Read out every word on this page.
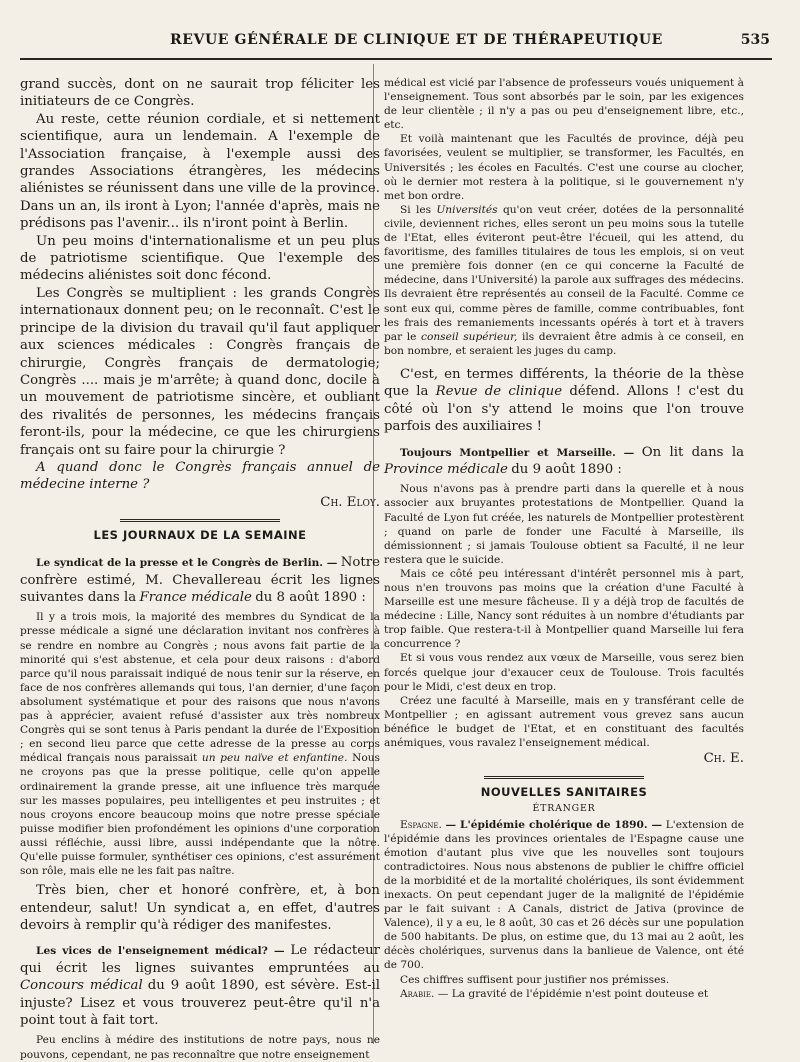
REVUE GÉNÉRALE DE CLINIQUE ET DE THÉRAPEUTIQUE	535

grand succès, dont on ne saurait trop féliciter les initiateurs de ce Congrès.

Au reste, cette réunion cordiale, et si nettement scientifique, aura un lendemain. A l'exemple de l'Association française, à l'exemple aussi des grandes Associations étrangères, les médecins aliénistes se réunissent dans une ville de la province. Dans un an, ils iront à Lyon; l'année d'après, mais ne prédisons pas l'avenir... ils n'iront point à Berlin.

Un peu moins d'internationalisme et un peu plus de patriotisme scientifique. Que l'exemple des médecins aliénistes soit donc fécond.

Les Congrès se multiplient : les grands Congrès internationaux donnent peu; on le reconnaît. C'est le principe de la division du travail qu'il faut appliquer aux sciences médicales : Congrès français de chirurgie, Congrès français de dermatologie; Congrès .... mais je m'arrête; à quand donc, docile à un mouvement de patriotisme sincère, et oubliant des rivalités de personnes, les médecins français feront-ils, pour la médecine, ce que les chirurgiens français ont su faire pour la chirurgie ?

A quand donc le Congrès français annuel de médecine interne ?

Ch. Eloy.

LES JOURNAUX DE LA SEMAINE

Le syndicat de la presse et le Congrès de Berlin. — Notre confrère estimé, M. Chevallereau écrit les lignes suivantes dans la France médicale du 8 août 1890 :

Il y a trois mois, la majorité des membres du Syndicat de la presse médicale a signé une déclaration invitant nos confrères à se rendre en nombre au Congrès ; nous avons fait partie de la minorité qui s'est abstenue, et cela pour deux raisons : d'abord parce qu'il nous paraissait indiqué de nous tenir sur la réserve, en face de nos confrères allemands qui tous, l'an dernier, d'une façon absolument systématique et pour des raisons que nous n'avons pas à apprécier, avaient refusé d'assister aux très nombreux Congrès qui se sont tenus à Paris pendant la durée de l'Exposition ; en second lieu parce que cette adresse de la presse au corps médical français nous paraissait un peu naïve et enfantine. Nous ne croyons pas que la presse politique, celle qu'on appelle ordinairement la grande presse, ait une influence très marquée sur les masses populaires, peu intelligentes et peu instruites ; et nous croyons encore beaucoup moins que notre presse spéciale puisse modifier bien profondément les opinions d'une corporation aussi réfléchie, aussi libre, aussi indépendante que la nôtre. Qu'elle puisse formuler, synthétiser ces opinions, c'est assurément son rôle, mais elle ne les fait pas naître.

Très bien, cher et honoré confrère, et, à bon entendeur, salut! Un syndicat a, en effet, d'autres devoirs à remplir qu'à rédiger des manifestes.

Les vices de l'enseignement médical? — Le rédacteur qui écrit les lignes suivantes empruntées au Concours médical du 9 août 1890, est sévère. Est-il injuste? Lisez et vous trouverez peut-être qu'il n'a point tout à fait tort.

Peu enclins à médire des institutions de notre pays, nous ne pouvons, cependant, ne pas reconnaître que notre enseignement

médical est vicié par l'absence de professeurs voués uniquement à l'enseignement. Tous sont absorbés par le soin, par les exigences de leur clientèle ; il n'y a pas ou peu d'enseignement libre, etc., etc.

Et voilà maintenant que les Facultés de province, déjà peu favorisées, veulent se multiplier, se transformer, les Facultés, en Universités ; les écoles en Facultés. C'est une course au clocher, où le dernier mot restera à la politique, si le gouvernement n'y met bon ordre.

Si les Universités qu'on veut créer, dotées de la personnalité civile, deviennent riches, elles seront un peu moins sous la tutelle de l'Etat, elles éviteront peut-être l'écueil, qui les attend, du favoritisme, des familles titulaires de tous les emplois, si on veut une première fois donner (en ce qui concerne la Faculté de médecine, dans l'Université) la parole aux suffrages des médecins. Ils devraient être représentés au conseil de la Faculté. Comme ce sont eux qui, comme pères de famille, comme contribuables, font les frais des remaniements incessants opérés à tort et à travers par le conseil supérieur, ils devraient être admis à ce conseil, en bon nombre, et seraient les juges du camp.

C'est, en termes différents, la théorie de la thèse que la Revue de clinique défend. Allons ! c'est du côté où l'on s'y attend le moins que l'on trouve parfois des auxiliaires !

Toujours Montpellier et Marseille. — On lit dans la Province médicale du 9 août 1890 :

Nous n'avons pas à prendre parti dans la querelle et à nous associer aux bruyantes protestations de Montpellier. Quand la Faculté de Lyon fut créée, les naturels de Montpellier protestèrent ; quand on parle de fonder une Faculté à Marseille, ils démissionnent ; si jamais Toulouse obtient sa Faculté, il ne leur restera que le suicide.

Mais ce côté peu intéressant d'intérêt personnel mis à part, nous n'en trouvons pas moins que la création d'une Faculté à Marseille est une mesure fâcheuse. Il y a déjà trop de facultés de médecine : Lille, Nancy sont réduites à un nombre d'étudiants par trop faible. Que restera-t-il à Montpellier quand Marseille lui fera concurrence ?

Et si vous vous rendez aux vœux de Marseille, vous serez bien forcés quelque jour d'exaucer ceux de Toulouse. Trois facultés pour le Midi, c'est deux en trop.

Créez une faculté à Marseille, mais en y transférant celle de Montpellier ; en agissant autrement vous grevez sans aucun bénéfice le budget de l'Etat, et en constituant des facultés anémiques, vous ravalez l'enseignement médical.

Ch. E.

NOUVELLES SANITAIRES
ÉTRANGER

Espagne. — L'épidémie cholérique de 1890. — L'extension de l'épidémie dans les provinces orientales de l'Espagne cause une émotion d'autant plus vive que les nouvelles sont toujours contradictoires. Nous nous abstenons de publier le chiffre officiel de la morbidité et de la mortalité cholériques, ils sont évidemment inexacts. On peut cependant juger de la malignité de l'épidémie par le fait suivant : A Canals, district de Jativa (province de Valence), il y a eu, le 8 août, 30 cas et 26 décès sur une population de 500 habitants. De plus, on estime que, du 13 mai au 2 août, les décès cholériques, survenus dans la banlieue de Valence, ont été de 700.

Ces chiffres suffisent pour justifier nos prémisses.

Arabie. — La gravité de l'épidémie n'est point douteuse et
